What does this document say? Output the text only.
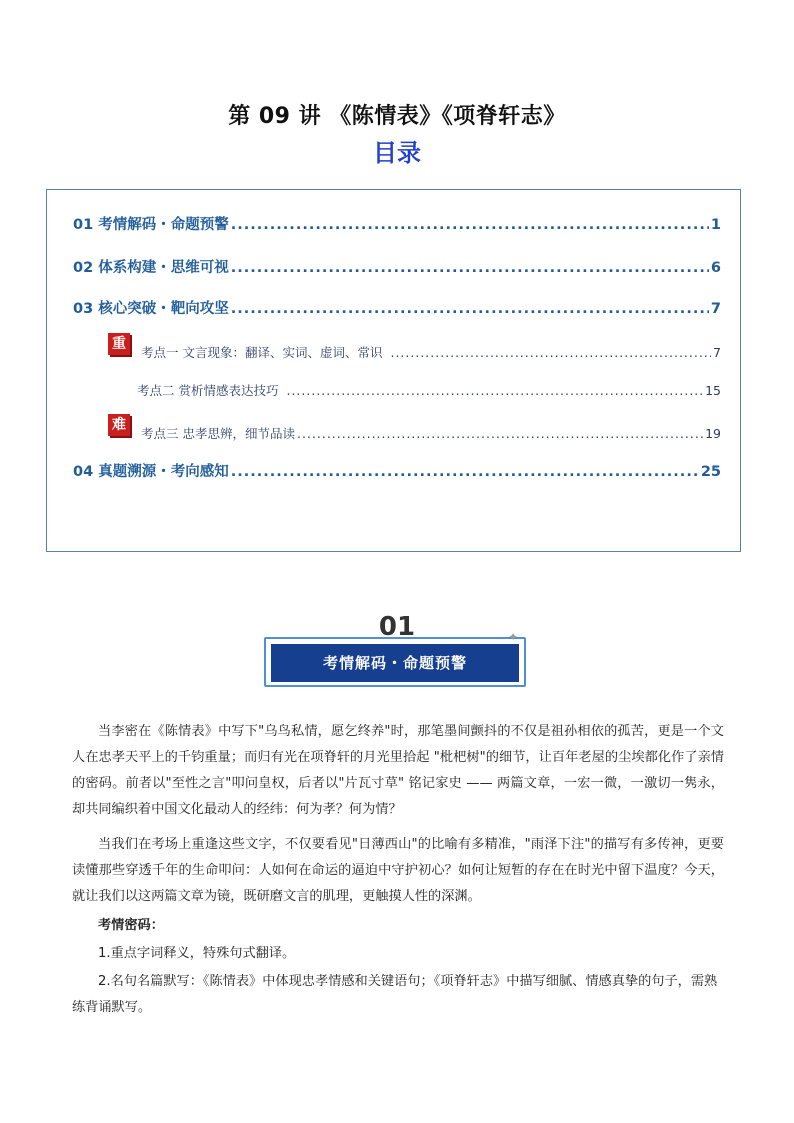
第 09 讲 《陈情表》《项脊轩志》
目录
01 考情解码・命题预警 .....	1
02 体系构建・思维可视 .....	6
03 核心突破・靶向攻坚 .....	7
重
考点一 文言现象：翻译、实词、虚词、常识 .....	7
考点二 赏析情感表达技巧 .....	15
难
考点三 忠孝思辨，细节品读 .....	19
04 真题溯源・考向感知 .....	25
01
考情解码・命题预警
✦

当李密在《陈情表》中写下"乌鸟私情，愿乞终养"时，那笔墨间颤抖的不仅是祖孙相依的孤苦，更是一个文人在忠孝天平上的千钧重量；而归有光在项脊轩的月光里拾起 "枇杷树"的细节，让百年老屋的尘埃都化作了亲情的密码。前者以"至性之言"叩问皇权，后者以"片瓦寸草" 铭记家史 —— 两篇文章，一宏一微，一激切一隽永，却共同编织着中国文化最动人的经纬：何为孝？何为情？

当我们在考场上重逢这些文字，不仅要看见"日薄西山"的比喻有多精准，"雨泽下注"的描写有多传神，更要读懂那些穿透千年的生命叩问：人如何在命运的逼迫中守护初心？如何让短暂的存在在时光中留下温度？今天，就让我们以这两篇文章为镜，既研磨文言的肌理，更触摸人性的深渊。

考情密码：

1.重点字词释义，特殊句式翻译。

2.名句名篇默写：《陈情表》中体现忠孝情感和关键语句；《项脊轩志》中描写细腻、情感真挚的句子，需熟练背诵默写。
